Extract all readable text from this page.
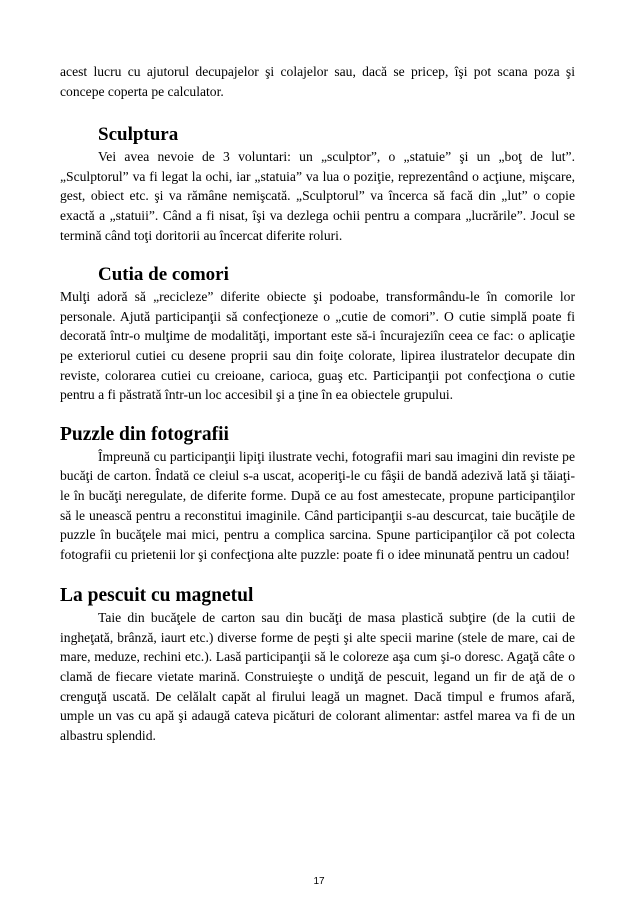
acest lucru cu ajutorul decupajelor şi colajelor sau, dacă se pricep, îşi pot scana poza şi concepe coperta pe calculator.

Sculptura

Vei avea nevoie de 3 voluntari: un „sculptor”, o „statuie” şi un „boţ de lut”. „Sculptorul” va fi legat la ochi, iar „statuia” va lua o poziţie, reprezentând o acţiune, mişcare, gest, obiect etc. şi va rămâne nemişcată. „Sculptorul” va încerca să facă din „lut” o copie exactă a „statuii”. Când a fi nisat, îşi va dezlega ochii pentru a compara „lucrările”. Jocul se termină când toţi doritorii au încercat diferite roluri.

Cutia de comori

Mulţi adoră să „recicleze” diferite obiecte şi podoabe, transformându-le în comorile lor personale. Ajută participanţii să confecţioneze o „cutie de comori”. O cutie simplă poate fi decorată într-o mulţime de modalităţi, important este să-i încurajeziîn ceea ce fac: o aplicaţie pe exteriorul cutiei cu desene proprii sau din foiţe colorate, lipirea ilustratelor decupate din reviste, colorarea cutiei cu creioane, carioca, guaş etc. Participanţii pot confecţiona o cutie pentru a fi păstrată într-un loc accesibil şi a ţine în ea obiectele grupului.

Puzzle din fotografii

Împreună cu participanţii lipiţi ilustrate vechi, fotografii mari sau imagini din reviste pe bucăţi de carton. Îndată ce cleiul s-a uscat, acoperiţi-le cu fâşii de bandă adezivă lată şi tăiaţi-le în bucăţi neregulate, de diferite forme. După ce au fost amestecate, propune participanţilor să le unească pentru a reconstitui imaginile. Când participanţii s-au descurcat, taie bucăţile de puzzle în bucăţele mai mici, pentru a complica sarcina. Spune participanţilor că pot colecta fotografii cu prietenii lor şi confecţiona alte puzzle: poate fi o idee minunată pentru un cadou!

La pescuit cu magnetul

Taie din bucăţele de carton sau din bucăţi de masa plastică subţire (de la cutii de ingheţată, brânză, iaurt etc.) diverse forme de peşti şi alte specii marine (stele de mare, cai de mare, meduze, rechini etc.). Lasă participanţii să le coloreze aşa cum şi-o doresc. Agaţă câte o clamă de fiecare vietate marină. Construieşte o undiţă de pescuit, legand un fir de aţă de o crenguţă uscată. De celălalt capăt al firului leagă un magnet. Dacă timpul e frumos afară, umple un vas cu apă şi adaugă cateva picături de colorant alimentar: astfel marea va fi de un albastru splendid.

17
